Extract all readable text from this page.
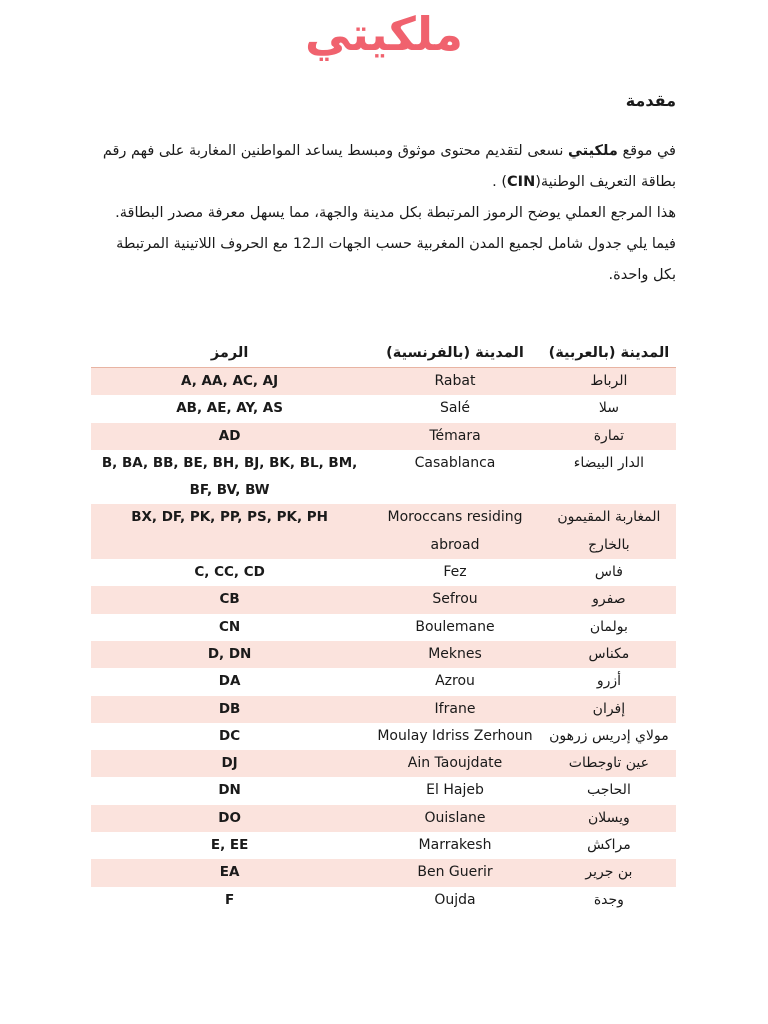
ملكيتي
مقدمة

في موقع ملكيتي نسعى لتقديم محتوى موثوق ومبسط يساعد المواطنين المغاربة على فهم رقم بطاقة التعريف الوطنية(CIN) .

هذا المرجع العملي يوضح الرموز المرتبطة بكل مدينة والجهة، مما يسهل معرفة مصدر البطاقة.

فيما يلي جدول شامل لجميع المدن المغربية حسب الجهات الـ12 مع الحروف اللاتينية المرتبطة بكل واحدة.

المدينة (بالعربية)	المدينة (بالفرنسية)	الرمز
الرباط	Rabat	A, AA, AC, AJ
سلا	Salé	AB, AE, AY, AS
تمارة	Témara	AD
الدار البيضاء	Casablanca	B, BA, BB, BE, BH, BJ, BK, BL, BM, BF, BV, BW
المغاربة المقيمون بالخارج	Moroccans residing abroad	BX, DF, PK, PP, PS, PK, PH
فاس	Fez	C, CC, CD
صفرو	Sefrou	CB
بولمان	Boulemane	CN
مكناس	Meknes	D, DN
أزرو	Azrou	DA
إفران	Ifrane	DB
مولاي إدريس زرهون	Moulay Idriss Zerhoun	DC
عين تاوجطات	Ain Taoujdate	DJ
الحاجب	El Hajeb	DN
ويسلان	Ouislane	DO
مراكش	Marrakesh	E, EE
بن جرير	Ben Guerir	EA
وجدة	Oujda	F
